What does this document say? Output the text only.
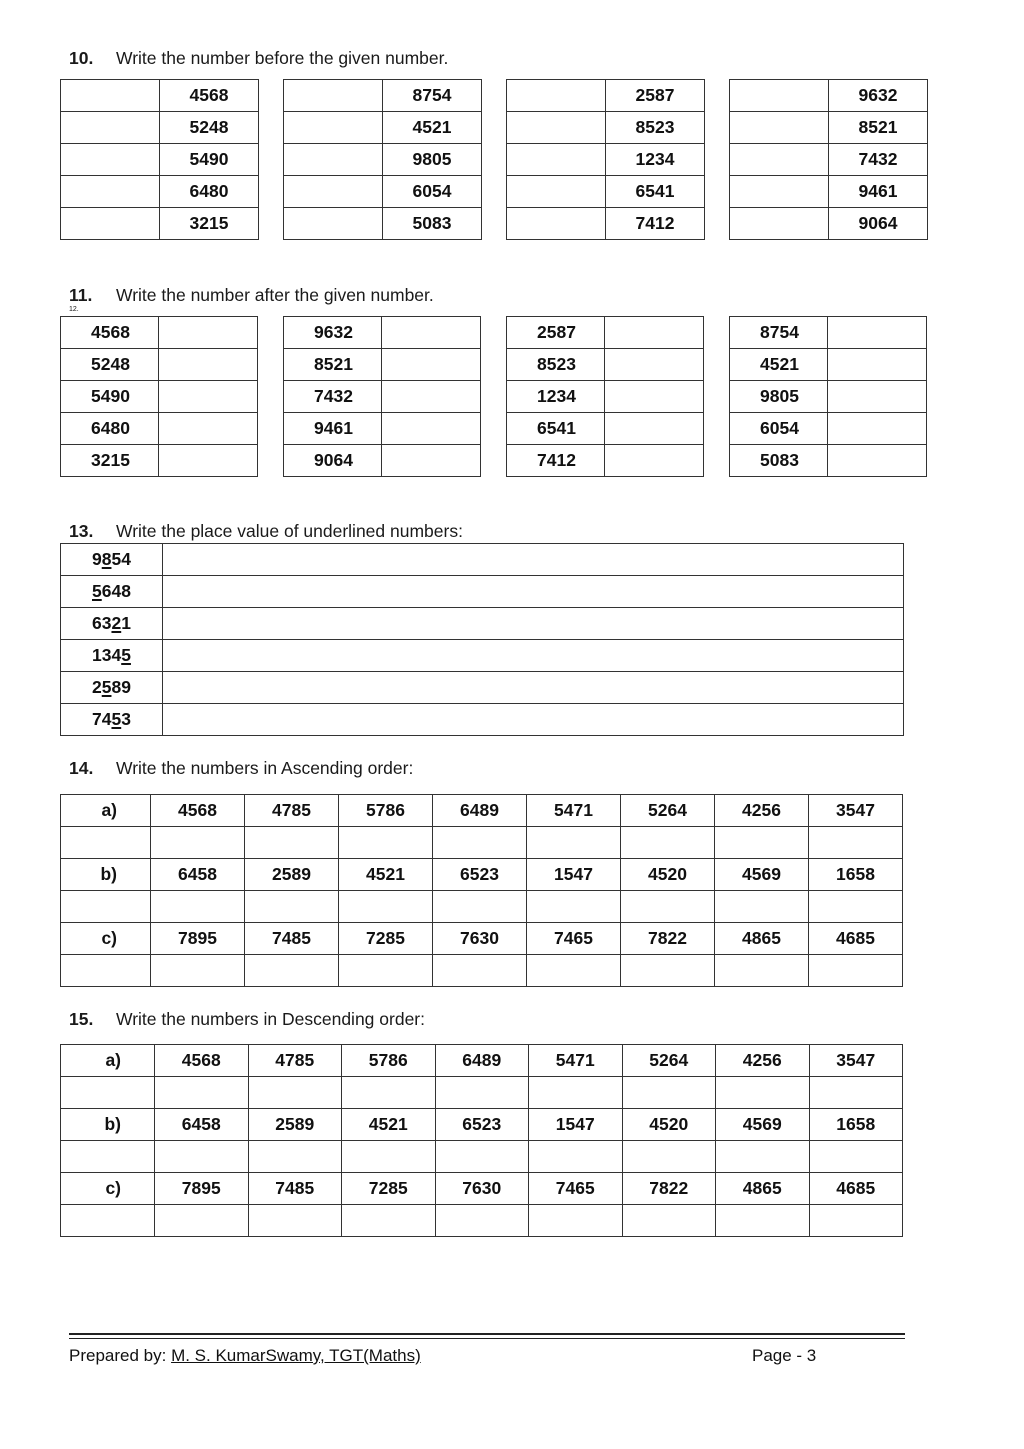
10. Write the number before the given number.
	4568
	5248
	5490
	6480
	3215
	8754
	4521
	9805
	6054
	5083
	2587
	8523
	1234
	6541
	7412
	9632
	8521
	7432
	9461
	9064
11. Write the number after the given number.
12.
4568	
5248	
5490	
6480	
3215	
9632	
8521	
7432	
9461	
9064	
2587	
8523	
1234	
6541	
7412	
8754	
4521	
9805	
6054	
5083	
13. Write the place value of underlined numbers:
9854	
5648	
6321	
1345	
2589	
7453	
14. Write the numbers in Ascending order:
a)	4568	4785	5786	6489	5471	5264	4256	3547

b)	6458	2589	4521	6523	1547	4520	4569	1658

c)	7895	7485	7285	7630	7465	7822	4865	4685

15. Write the numbers in Descending order:
a)	4568	4785	5786	6489	5471	5264	4256	3547

b)	6458	2589	4521	6523	1547	4520	4569	1658

c)	7895	7485	7285	7630	7465	7822	4865	4685

Prepared by: M. S. KumarSwamy, TGT(Maths)	Page - 3
